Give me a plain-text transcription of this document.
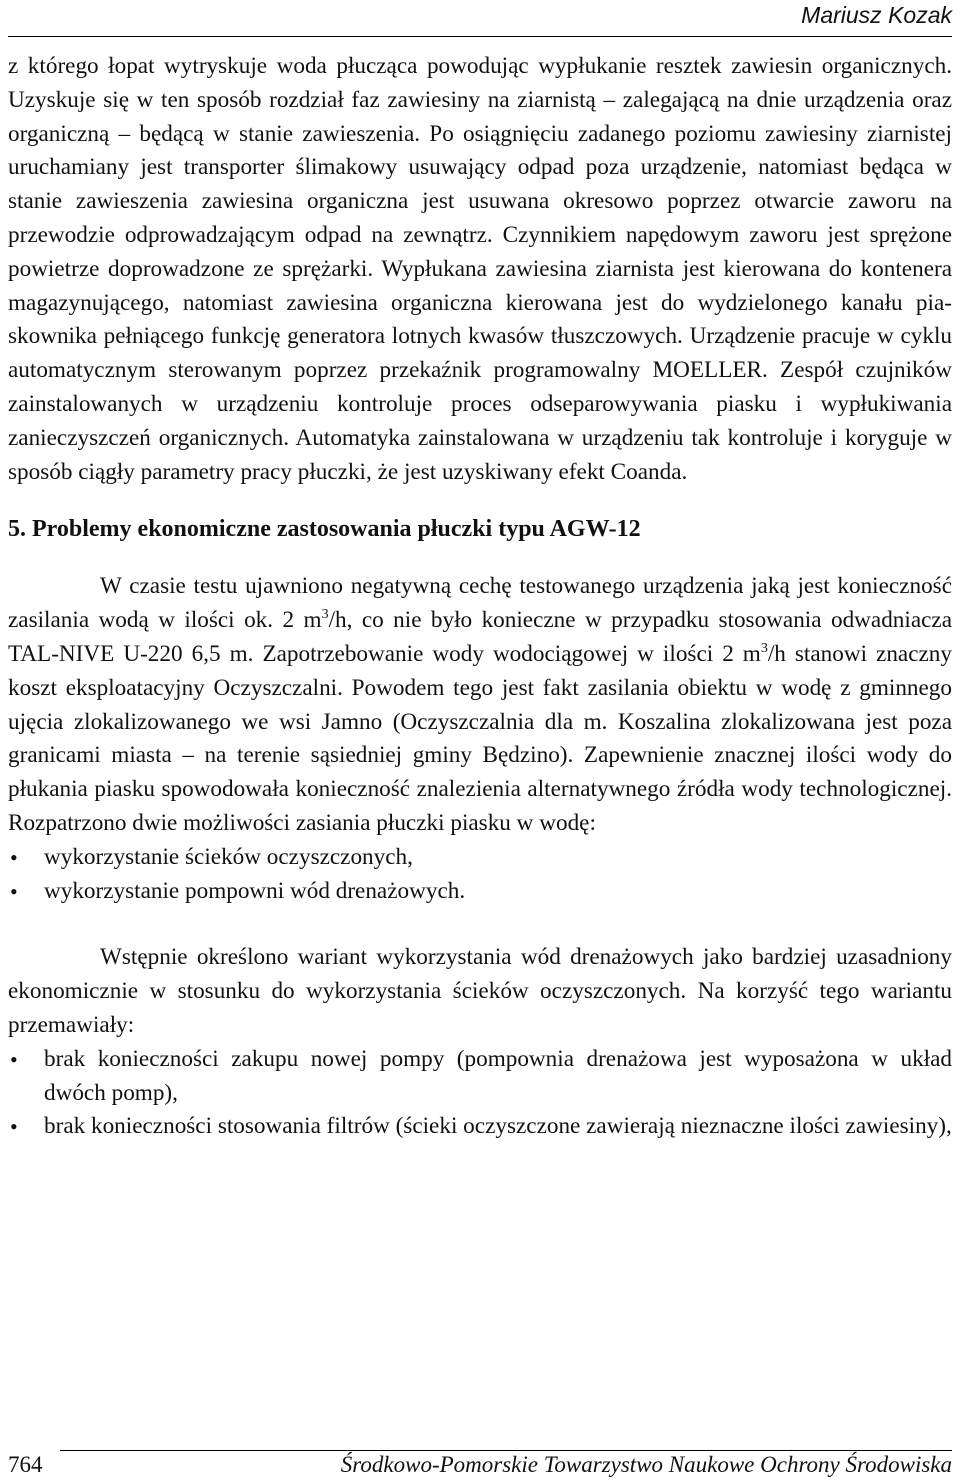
Mariusz Kozak

z którego łopat wytryskuje woda płucząca powodując wypłukanie resztek zawiesin organicznych. Uzyskuje się w ten sposób rozdział faz zawiesiny na ziarnistą – zalegającą na dnie urządzenia oraz organiczną – będącą w stanie zawieszenia. Po osiągnięciu zadanego poziomu zawiesiny ziarnistej uruchamiany jest transporter ślimakowy usuwający odpad poza urządzenie, natomiast będąca w stanie zawieszenia zawiesina organiczna jest usuwana okresowo poprzez otwarcie zaworu na przewodzie odprowadzającym odpad na zewnątrz. Czynnikiem napędowym zaworu jest sprężone powietrze doprowadzone ze sprężarki. Wypłukana zawiesina ziarnista jest kierowana do kontenera magazynującego, natomiast zawiesina organiczna kierowana jest do wydzielonego kanału piaskownika pełniącego funkcję generatora lotnych kwasów tłuszczowych. Urządzenie pracuje w cyklu automatycznym sterowanym poprzez przekaźnik programowalny MOELLER. Zespół czujników zainstalowanych w urządzeniu kontroluje proces odseparowywania piasku i wypłukiwania zanieczyszczeń organicznych. Automatyka zainstalowana w urządzeniu tak kontroluje i koryguje w sposób ciągły parametry pracy płuczki, że jest uzyskiwany efekt Coanda.

5. Problemy ekonomiczne zastosowania płuczki typu AGW-12

W czasie testu ujawniono negatywną cechę testowanego urządzenia jaką jest konieczność zasilania wodą w ilości ok. 2 $m^3/h$, co nie było konieczne w przypadku stosowania odwadniacza TAL-NIVE U-220 6,5 m. Zapotrzebowanie wody wodociągowej w ilości 2 $m^3/h$ stanowi znaczny koszt eksploatacyjny Oczyszczalni. Powodem tego jest fakt zasilania obiektu w wodę z gminnego ujęcia zlokalizowanego we wsi Jamno (Oczyszczalnia dla m. Koszalina zlokalizowana jest poza granicami miasta – na terenie sąsiedniej gminy Będzino). Zapewnienie znacznej ilości wody do płukania piasku spowodowała konieczność znalezienia alternatywnego źródła wody technologicznej. Rozpatrzono dwie możliwości zasiania płuczki piasku w wodę:

• wykorzystanie ścieków oczyszczonych,
• wykorzystanie pompowni wód drenażowych.

Wstępnie określono wariant wykorzystania wód drenażowych jako bardziej uzasadniony ekonomicznie w stosunku do wykorzystania ścieków oczyszczonych. Na korzyść tego wariantu przemawiały:

• brak konieczności zakupu nowej pompy (pompownia drenażowa jest wyposażona w układ dwóch pomp),
• brak konieczności stosowania filtrów (ścieki oczyszczone zawierają nieznaczne ilości zawiesiny),
764	Środkowo-Pomorskie Towarzystwo Naukowe Ochrony Środowiska
